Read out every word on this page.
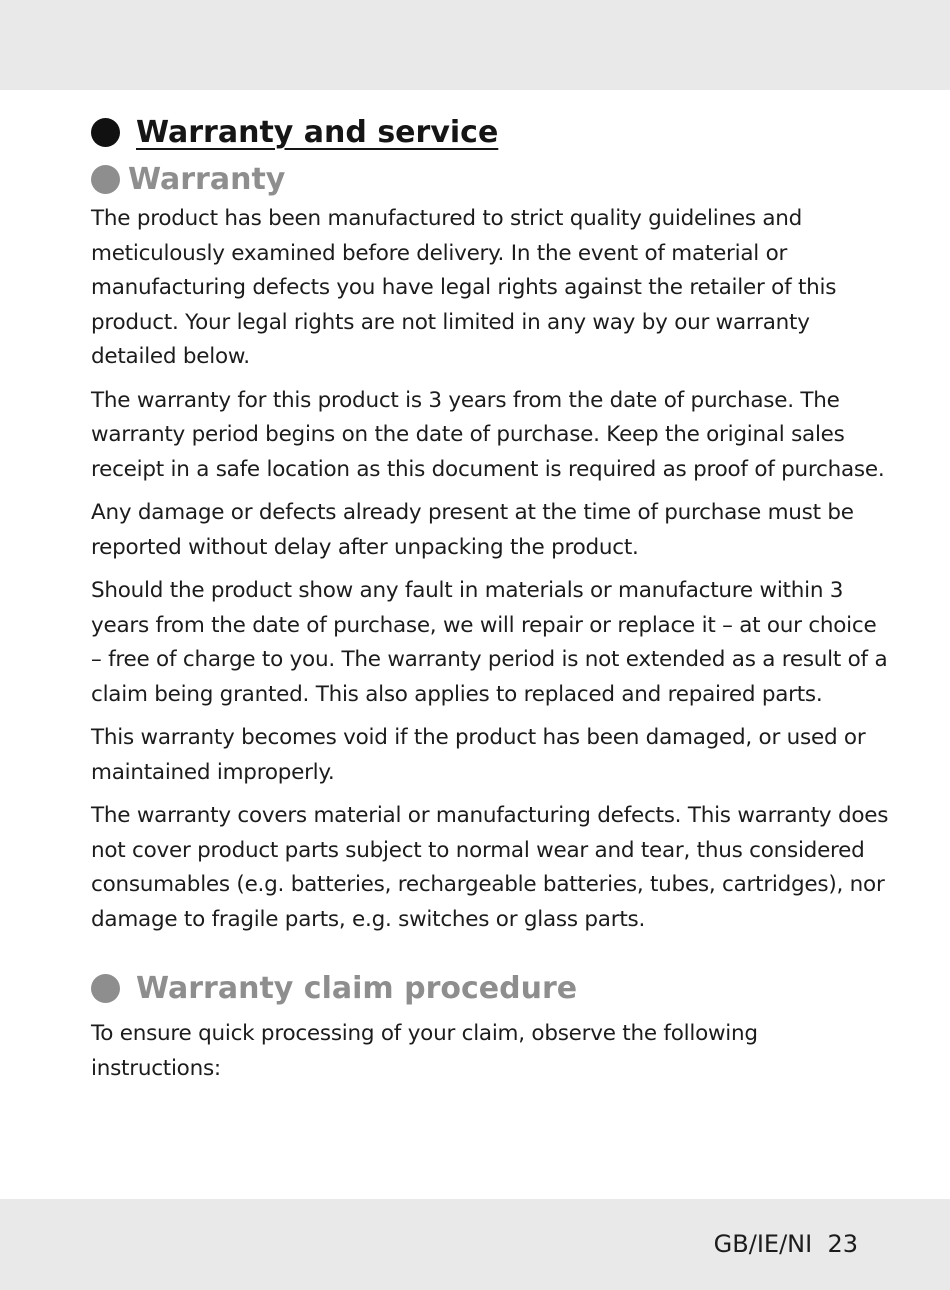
Warranty and service
Warranty

The product has been manufactured to strict quality guidelines and meticulously examined before delivery. In the event of material or manufacturing defects you have legal rights against the retailer of this product. Your legal rights are not limited in any way by our warranty detailed below.

The warranty for this product is 3 years from the date of purchase. The warranty period begins on the date of purchase. Keep the original sales receipt in a safe location as this document is required as proof of purchase.

Any damage or defects already present at the time of purchase must be reported without delay after unpacking the product.

Should the product show any fault in materials or manufacture within 3 years from the date of purchase, we will repair or replace it – at our choice – free of charge to you. The warranty period is not extended as a result of a claim being granted. This also applies to replaced and repaired parts.

This warranty becomes void if the product has been damaged, or used or maintained improperly.

The warranty covers material or manufacturing defects. This warranty does not cover product parts subject to normal wear and tear, thus considered consumables (e.g. batteries, rechargeable batteries, tubes, cartridges), nor damage to fragile parts, e.g. switches or glass parts.

Warranty claim procedure

To ensure quick processing of your claim, observe the following instructions:

GB/IE/NI 23
